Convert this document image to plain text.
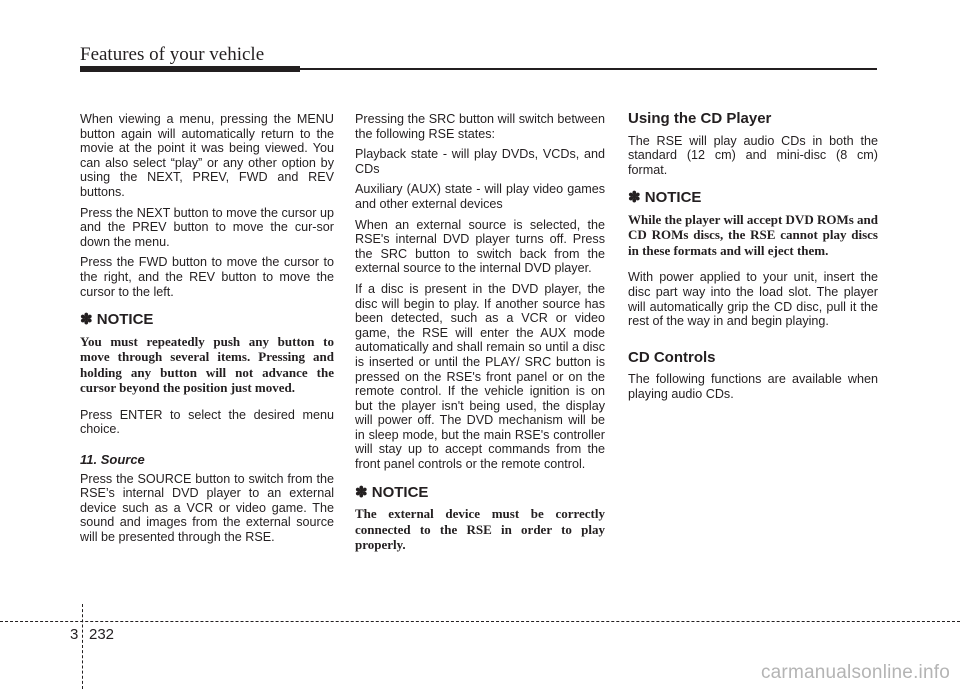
Features of your vehicle

When viewing a menu, pressing the MENU button again will automatically return to the movie at the point it was being viewed. You can also select “play” or any other option by using the NEXT, PREV, FWD and REV buttons.

Press the NEXT button to move the cursor up and the PREV button to move the cur-sor down the menu.

Press the FWD button to move the cursor to the right, and the REV button to move the cursor to the left.

✽ NOTICE
You must repeatedly push any button to move through several items. Pressing and holding any button will not advance the cursor beyond the position just moved.

Press ENTER to select the desired menu choice.

11. Source

Press the SOURCE button to switch from the RSE’s internal DVD player to an external device such as a VCR or video game. The sound and images from the external source will be presented through the RSE.

Pressing the SRC button will switch between the following RSE states:

Playback state - will play DVDs, VCDs, and CDs

Auxiliary (AUX) state - will play video games and other external devices

When an external source is selected, the RSE's internal DVD player turns off. Press the SRC button to switch back from the external source to the internal DVD player.

If a disc is present in the DVD player, the disc will begin to play. If another source has been detected, such as a VCR or video game, the RSE will enter the AUX mode automatically and shall remain so until a disc is inserted or until the PLAY/ SRC button is pressed on the RSE's front panel or on the remote control. If the vehicle ignition is on but the player isn't being used, the display will power off. The DVD mechanism will be in sleep mode, but the main RSE's controller will stay up to accept commands from the front panel controls or the remote control.

✽ NOTICE
The external device must be correctly connected to the RSE in order to play properly.
Using the CD Player

The RSE will play audio CDs in both the standard (12 cm) and mini-disc (8 cm) format.

✽ NOTICE
While the player will accept DVD ROMs and CD ROMs discs, the RSE cannot play discs in these formats and will eject them.

With power applied to your unit, insert the disc part way into the load slot. The player will automatically grip the CD disc, pull it the rest of the way in and begin playing.

CD Controls

The following functions are available when playing audio CDs.

3 232
carmanualsonline.info
